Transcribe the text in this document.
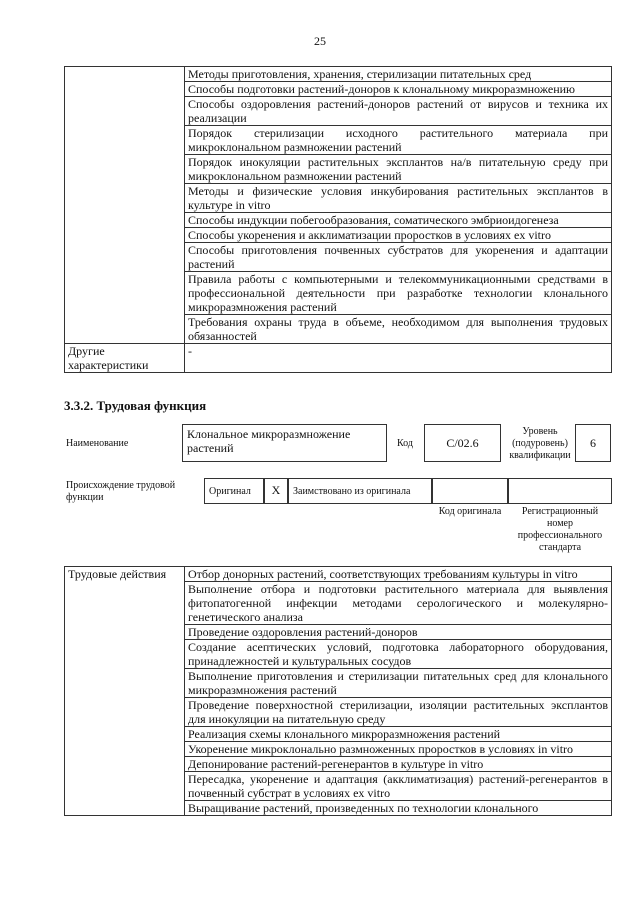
25
	Методы приготовления, хранения, стерилизации питательных сред
	Способы подготовки растений-доноров к клональному микроразмножению
	Способы оздоровления растений-доноров растений от вирусов и техника их реализации
	Порядок стерилизации исходного растительного материала при микроклональном размножении растений
	Порядок инокуляции растительных эксплантов на/в питательную среду при микроклональном размножении растений
	Методы и физические условия инкубирования растительных эксплантов в культуре in vitro
	Способы индукции побегообразования, соматического эмбриоидогенеза
	Способы укоренения и акклиматизации проростков в условиях ex vitro
	Способы приготовления почвенных субстратов для укоренения и адаптации растений
	Правила работы с компьютерными и телекоммуникационными средствами в профессиональной деятельности при разработке технологии клонального микроразмножения растений
	Требования охраны труда в объеме, необходимом для выполнения трудовых обязанностей
Другие характеристики	-
3.3.2. Трудовая функция
Наименование
Клональное микроразмножение растений	Код	C/02.6
Уровень (подуровень) квалификации
6
Происхождение трудовой функции
Оригинал	X	Заимствовано из оригинала
Код оригинала	Регистрационный номер профессионального стандарта
Трудовые действия	Отбор донорных растений, соответствующих требованиям культуры in vitro
Выполнение отбора и подготовки растительного материала для выявления фитопатогенной инфекции методами серологического и молекулярно-генетического анализа
Проведение оздоровления растений-доноров
Создание асептических условий, подготовка лабораторного оборудования, принадлежностей и культуральных сосудов
Выполнение приготовления и стерилизации питательных сред для клонального микроразмножения растений
Проведение поверхностной стерилизации, изоляции растительных эксплантов для инокуляции на питательную среду
Реализация схемы клонального микроразмножения растений
Укоренение микроклонально размноженных проростков в условиях in vitro
Депонирование растений-регенерантов в культуре in vitro
Пересадка, укоренение и адаптация (акклиматизация) растений-регенерантов в почвенный субстрат в условиях ex vitro
Выращивание растений, произведенных по технологии клонального
